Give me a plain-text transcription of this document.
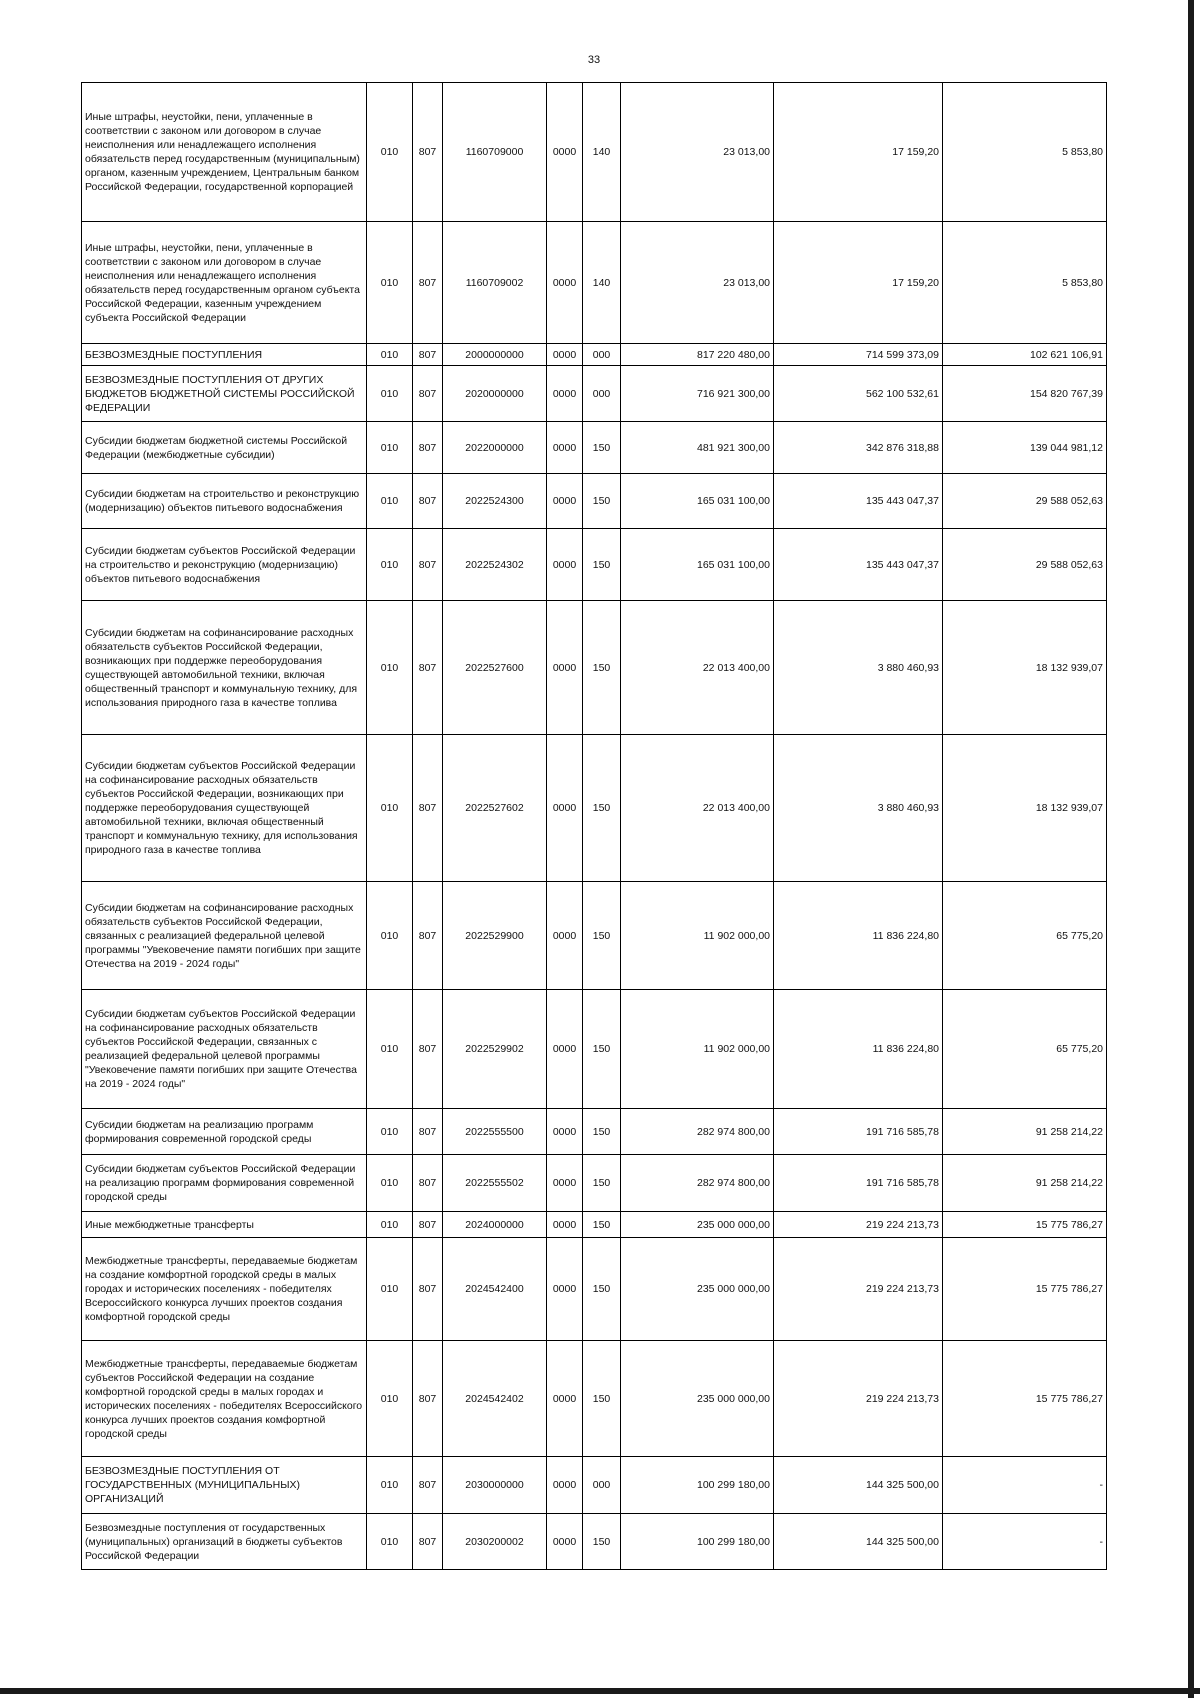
33
Иные штрафы, неустойки, пени, уплаченные в соответствии с законом или договором в случае неисполнения или ненадлежащего исполнения обязательств перед государственным (муниципальным) органом, казенным учреждением, Центральным банком Российской Федерации, государственной корпорацией	010	807	1160709000	0000	140	23 013,00	17 159,20	5 853,80
Иные штрафы, неустойки, пени, уплаченные в соответствии с законом или договором в случае неисполнения или ненадлежащего исполнения обязательств перед государственным органом субъекта Российской Федерации, казенным учреждением субъекта Российской Федерации	010	807	1160709002	0000	140	23 013,00	17 159,20	5 853,80
БЕЗВОЗМЕЗДНЫЕ ПОСТУПЛЕНИЯ	010	807	2000000000	0000	000	817 220 480,00	714 599 373,09	102 621 106,91
БЕЗВОЗМЕЗДНЫЕ ПОСТУПЛЕНИЯ ОТ ДРУГИХ БЮДЖЕТОВ БЮДЖЕТНОЙ СИСТЕМЫ РОССИЙСКОЙ ФЕДЕРАЦИИ	010	807	2020000000	0000	000	716 921 300,00	562 100 532,61	154 820 767,39
Субсидии бюджетам бюджетной системы Российской Федерации (межбюджетные субсидии)	010	807	2022000000	0000	150	481 921 300,00	342 876 318,88	139 044 981,12
Субсидии бюджетам на строительство и реконструкцию (модернизацию) объектов питьевого водоснабжения	010	807	2022524300	0000	150	165 031 100,00	135 443 047,37	29 588 052,63
Субсидии бюджетам субъектов Российской Федерации на строительство и реконструкцию (модернизацию) объектов питьевого водоснабжения	010	807	2022524302	0000	150	165 031 100,00	135 443 047,37	29 588 052,63
Субсидии бюджетам на софинансирование расходных обязательств субъектов Российской Федерации, возникающих при поддержке переоборудования существующей автомобильной техники, включая общественный транспорт и коммунальную технику, для использования природного газа в качестве топлива	010	807	2022527600	0000	150	22 013 400,00	3 880 460,93	18 132 939,07
Субсидии бюджетам субъектов Российской Федерации на софинансирование расходных обязательств субъектов Российской Федерации, возникающих при поддержке переоборудования существующей автомобильной техники, включая общественный транспорт и коммунальную технику, для использования природного газа в качестве топлива	010	807	2022527602	0000	150	22 013 400,00	3 880 460,93	18 132 939,07
Субсидии бюджетам на софинансирование расходных обязательств субъектов Российской Федерации, связанных с реализацией федеральной целевой программы "Увековечение памяти погибших при защите Отечества на 2019 - 2024 годы"	010	807	2022529900	0000	150	11 902 000,00	11 836 224,80	65 775,20
Субсидии бюджетам субъектов Российской Федерации на софинансирование расходных обязательств субъектов Российской Федерации, связанных с реализацией федеральной целевой программы "Увековечение памяти погибших при защите Отечества на 2019 - 2024 годы"	010	807	2022529902	0000	150	11 902 000,00	11 836 224,80	65 775,20
Субсидии бюджетам на реализацию программ формирования современной городской среды	010	807	2022555500	0000	150	282 974 800,00	191 716 585,78	91 258 214,22
Субсидии бюджетам субъектов Российской Федерации на реализацию программ формирования современной городской среды	010	807	2022555502	0000	150	282 974 800,00	191 716 585,78	91 258 214,22
Иные межбюджетные трансферты	010	807	2024000000	0000	150	235 000 000,00	219 224 213,73	15 775 786,27
Межбюджетные трансферты, передаваемые бюджетам на создание комфортной городской среды в малых городах и исторических поселениях - победителях Всероссийского конкурса лучших проектов создания комфортной городской среды	010	807	2024542400	0000	150	235 000 000,00	219 224 213,73	15 775 786,27
Межбюджетные трансферты, передаваемые бюджетам субъектов Российской Федерации на создание комфортной городской среды в малых городах и исторических поселениях - победителях Всероссийского конкурса лучших проектов создания комфортной городской среды	010	807	2024542402	0000	150	235 000 000,00	219 224 213,73	15 775 786,27
БЕЗВОЗМЕЗДНЫЕ ПОСТУПЛЕНИЯ ОТ ГОСУДАРСТВЕННЫХ (МУНИЦИПАЛЬНЫХ) ОРГАНИЗАЦИЙ	010	807	2030000000	0000	000	100 299 180,00	144 325 500,00	-
Безвозмездные поступления от государственных (муниципальных) организаций в бюджеты субъектов Российской Федерации	010	807	2030200002	0000	150	100 299 180,00	144 325 500,00	-
